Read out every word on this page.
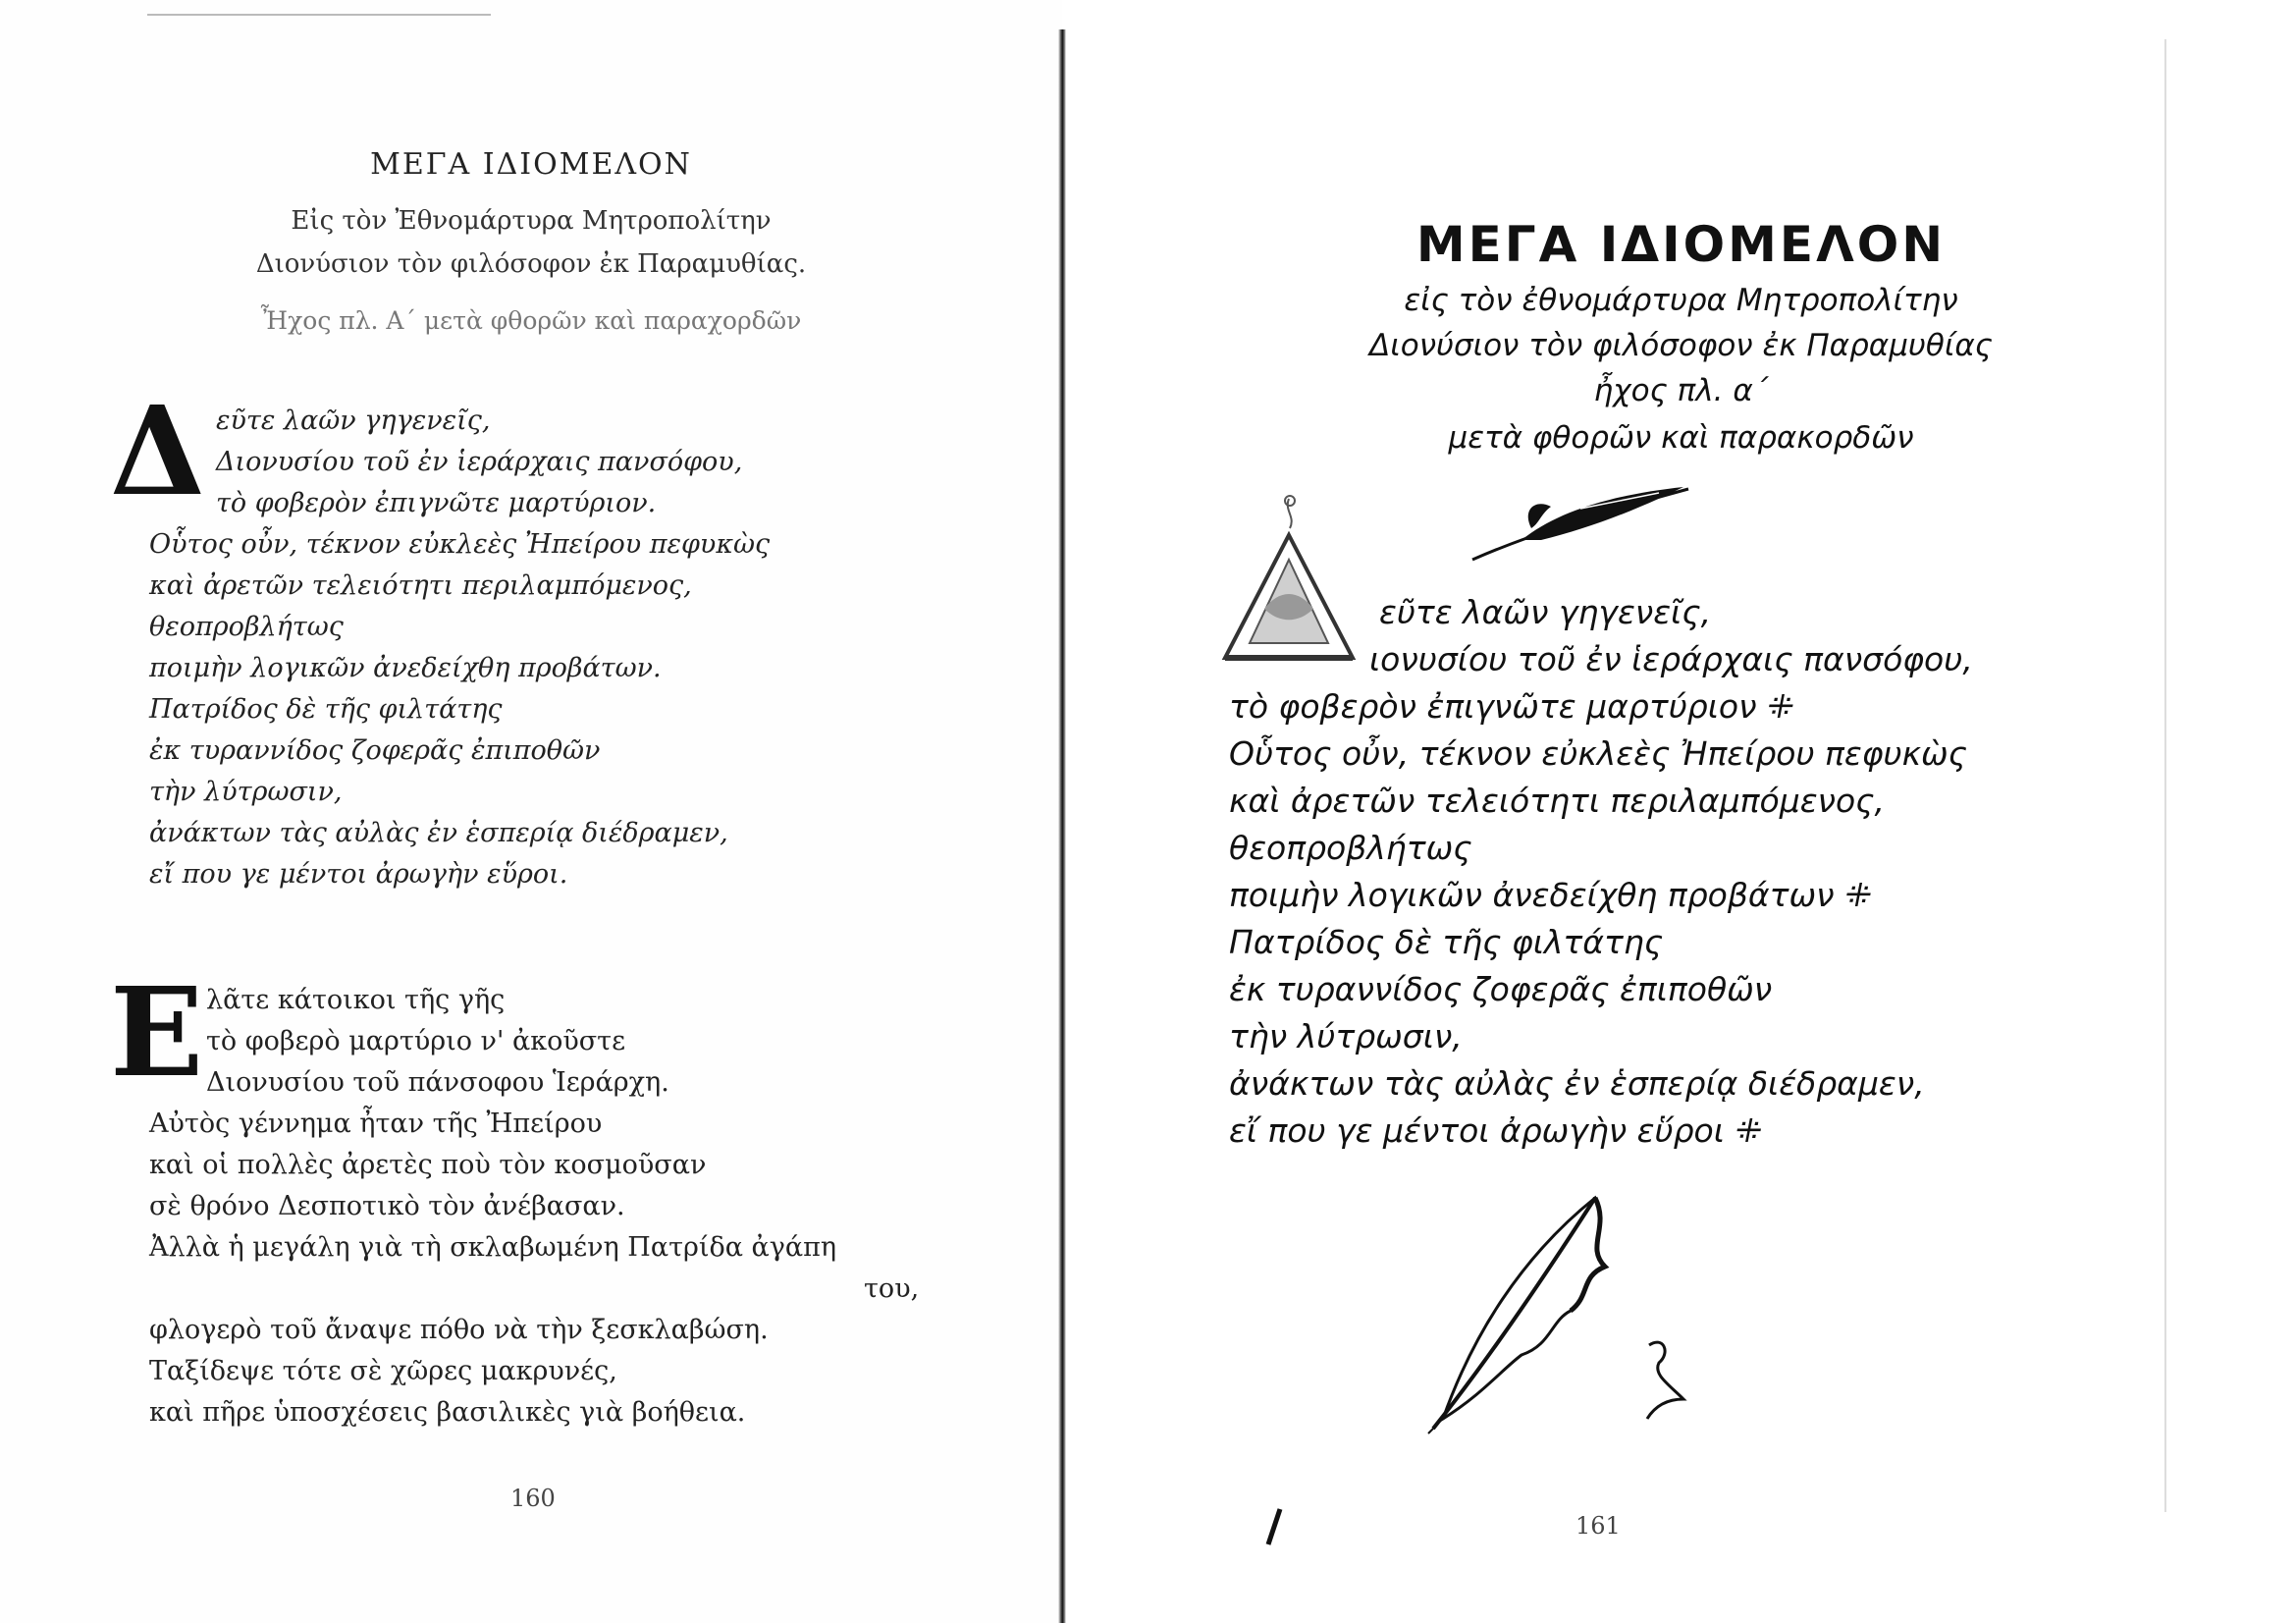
ΜΕΓΑ ΙΔΙΟΜΕΛΟΝ
Εἰς τὸν Ἐθνομάρτυρα Μητροπολίτην
Διονύσιον τὸν φιλόσοφον ἐκ Παραμυθίας.
Ἦχος πλ. Α΄ μετὰ φθορῶν καὶ παραχορδῶν
Δ εῦτε λαῶν γηγενεῖς,
Διονυσίου τοῦ ἐν ἱεράρχαις πανσόφου,
τὸ φοβερὸν ἐπιγνῶτε μαρτύριον.
Οὗτος οὖν, τέκνον εὐκλεὲς Ἠπείρου πεφυκὼς
καὶ ἀρετῶν τελειότητι περιλαμπόμενος,
θεοπροβλήτως
ποιμὴν λογικῶν ἀνεδείχθη προβάτων.
Πατρίδος δὲ τῆς φιλτάτης
ἐκ τυραννίδος ζοφερᾶς ἐπιποθῶν
τὴν λύτρωσιν,
ἀνάκτων τὰς αὐλὰς ἐν ἑσπερίᾳ διέδραμεν,
εἴ που γε μέντοι ἀρωγὴν εὕροι.
Ε λᾶτε κάτοικοι τῆς γῆς
τὸ φοβερὸ μαρτύριο ν' ἀκοῦστε
Διονυσίου τοῦ πάνσοφου Ἱεράρχη.
Αὐτὸς γέννημα ἦταν τῆς Ἠπείρου
καὶ οἱ πολλὲς ἀρετὲς ποὺ τὸν κοσμοῦσαν
σὲ θρόνο Δεσποτικὸ τὸν ἀνέβασαν.
Ἀλλὰ ἡ μεγάλη γιὰ τὴ σκλαβωμένη Πατρίδα ἀγάπη
του,
φλογερὸ τοῦ ἄναψε πόθο νὰ τὴν ξεσκλαβώση.
Ταξίδεψε τότε σὲ χῶρες μακρυνές,
καὶ πῆρε ὑποσχέσεις βασιλικὲς γιὰ βοήθεια.
160
ΜΕΓΑ ΙΔΙΟΜΕΛΟΝ
εἰς τὸν ἐθνομάρτυρα Μητροπολίτην
Διονύσιον τὸν φιλόσοφον ἐκ Παραμυθίας
ἦχος πλ. α΄
μετὰ φθορῶν καὶ παρακορδῶν
εῦτε λαῶν γηγενεῖς,
ιονυσίου τοῦ ἐν ἱεράρχαις πανσόφου,
τὸ φοβερὸν ἐπιγνῶτε μαρτύριον ⁜
Οὗτος οὖν, τέκνον εὐκλεὲς Ἠπείρου πεφυκὼς
καὶ ἀρετῶν τελειότητι περιλαμπόμενος,
θεοπροβλήτως
ποιμὴν λογικῶν ἀνεδείχθη προβάτων ⁜
Πατρίδος δὲ τῆς φιλτάτης
ἐκ τυραννίδος ζοφερᾶς ἐπιποθῶν
τὴν λύτρωσιν,
ἀνάκτων τὰς αὐλὰς ἐν ἑσπερίᾳ διέδραμεν,
εἴ που γε μέντοι ἀρωγὴν εὕροι ⁜
161
